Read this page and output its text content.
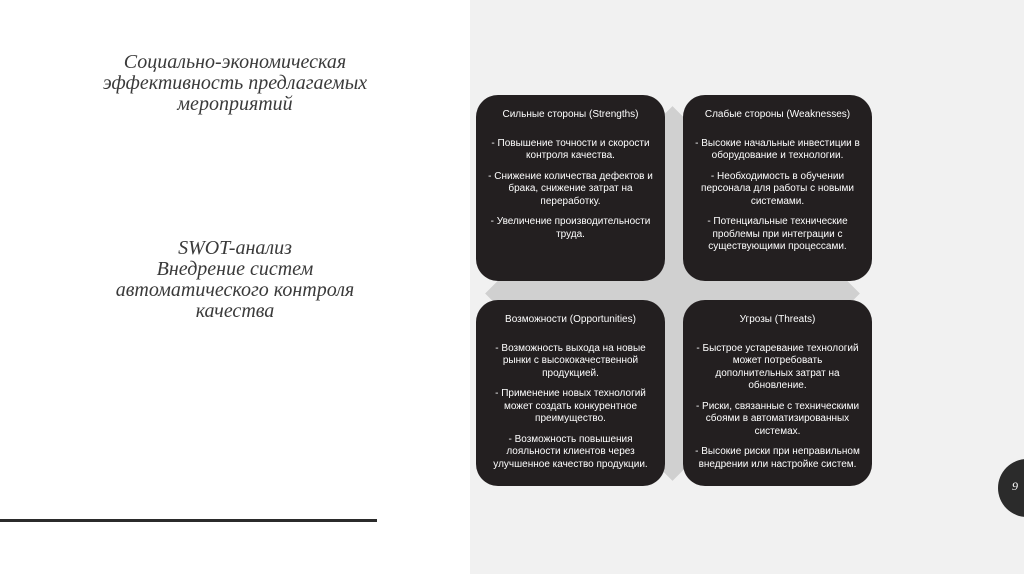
Социально-экономическая
эффективность предлагаемых
мероприятий
SWOT-анализ
Внедрение систем
автоматического контроля
качества
Сильные стороны (Strengths)
- Повышение точности и скорости контроля качества.
- Снижение количества дефектов и брака, снижение затрат на переработку.
- Увеличение производительности труда.
Слабые стороны (Weaknesses)
- Высокие начальные инвестиции в оборудование и технологии.
- Необходимость в обучении персонала для работы с новыми системами.
- Потенциальные технические проблемы при интеграции с существующими процессами.
Возможности (Opportunities)
- Возможность выхода на новые рынки с высококачественной продукцией.
- Применение новых технологий может создать конкурентное преимущество.
- Возможность повышения лояльности клиентов через улучшенное качество продукции.
Угрозы (Threats)
- Быстрое устаревание технологий может потребовать дополнительных затрат на обновление.
- Риски, связанные с техническими сбоями в автоматизированных системах.
- Высокие риски при неправильном внедрении или настройке систем.
9
